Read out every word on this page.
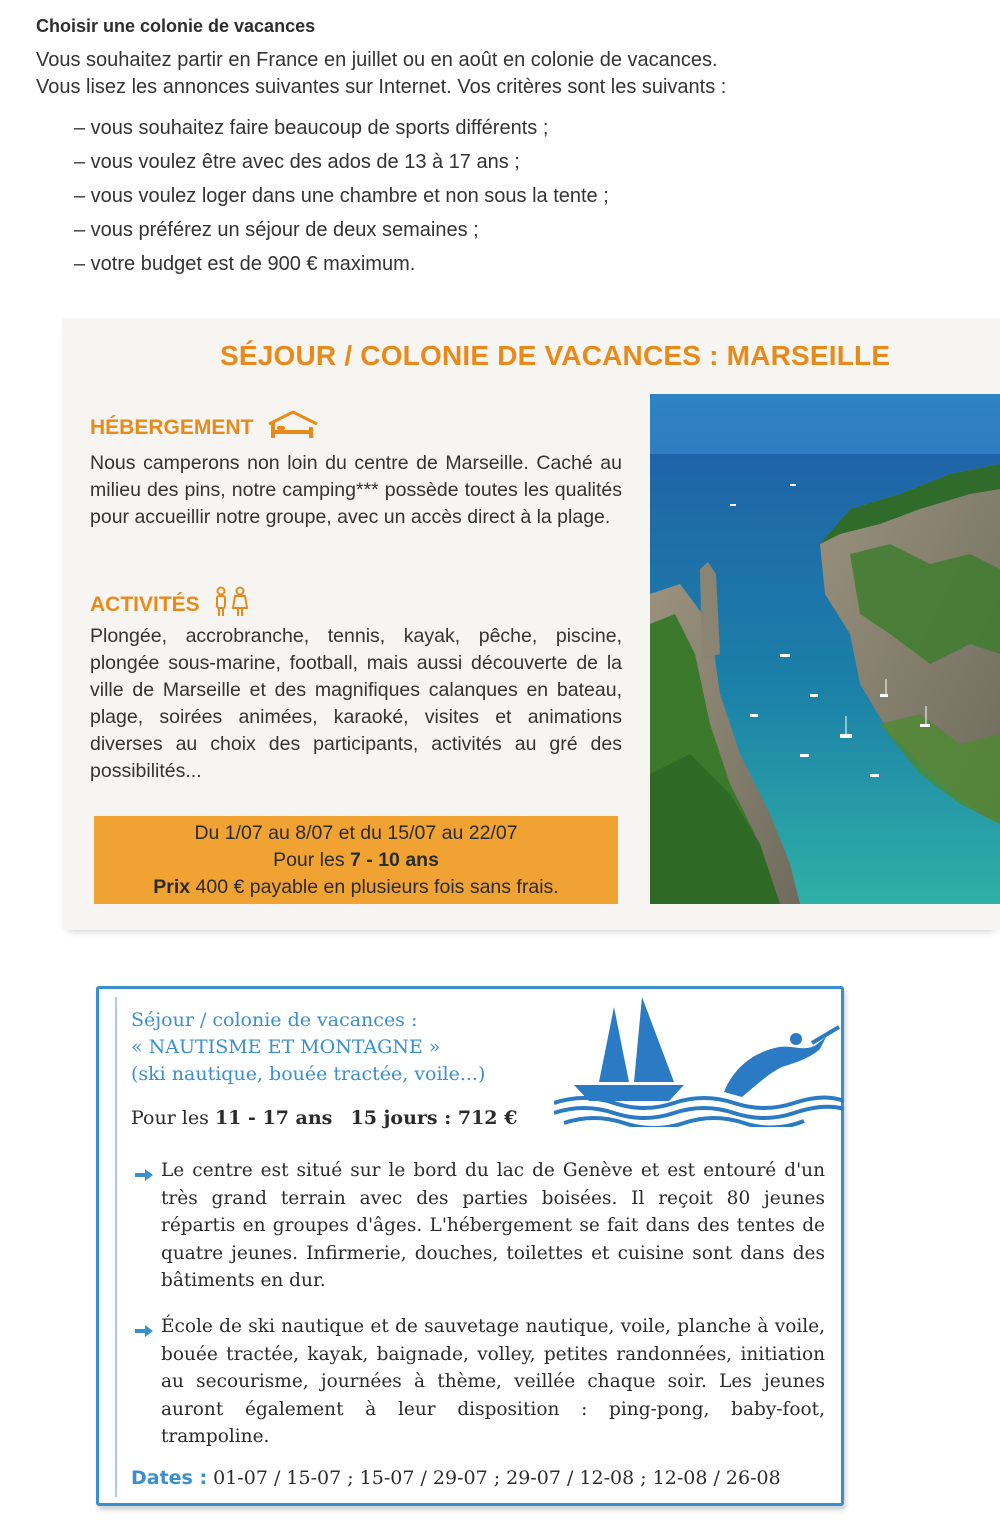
Choisir une colonie de vacances

Vous souhaitez partir en France en juillet ou en août en colonie de vacances.

Vous lisez les annonces suivantes sur Internet. Vos critères sont les suivants :

– vous souhaitez faire beaucoup de sports différents ;
– vous voulez être avec des ados de 13 à 17 ans ;
– vous voulez loger dans une chambre et non sous la tente ;
– vous préférez un séjour de deux semaines ;
– votre budget est de 900 € maximum.
SÉJOUR / COLONIE DE VACANCES : MARSEILLE
HÉBERGEMENT

Nous camperons non loin du centre de Marseille. Caché au milieu des pins, notre camping*** possède toutes les qualités pour accueillir notre groupe, avec un accès direct à la plage.

ACTIVITÉS

Plongée, accrobranche, tennis, kayak, pêche, piscine, plongée sous-marine, football, mais aussi découverte de la ville de Marseille et des magnifiques calanques en bateau, plage, soirées animées, karaoké, visites et animations diverses au choix des participants, activités au gré des possibilités...

Du 1/07 au 8/07 et du 15/07 au 22/07
Pour les 7 - 10 ans
Prix 400 € payable en plusieurs fois sans frais.
Séjour / colonie de vacances :
« NAUTISME ET MONTAGNE »
(ski nautique, bouée tractée, voile...)
Pour les 11 - 17 ans 15 jours : 712 €
Le centre est situé sur le bord du lac de Genève et est entouré d'un très grand terrain avec des parties boisées. Il reçoit 80 jeunes répartis en groupes d'âges. L'hébergement se fait dans des tentes de quatre jeunes. Infirmerie, douches, toilettes et cuisine sont dans des bâtiments en dur.
École de ski nautique et de sauvetage nautique, voile, planche à voile, bouée tractée, kayak, baignade, volley, petites randonnées, initiation au secourisme, journées à thème, veillée chaque soir. Les jeunes auront également à leur disposition : ping-pong, baby-foot, trampoline.
Dates : 01-07 / 15-07 ; 15-07 / 29-07 ; 29-07 / 12-08 ; 12-08 / 26-08
